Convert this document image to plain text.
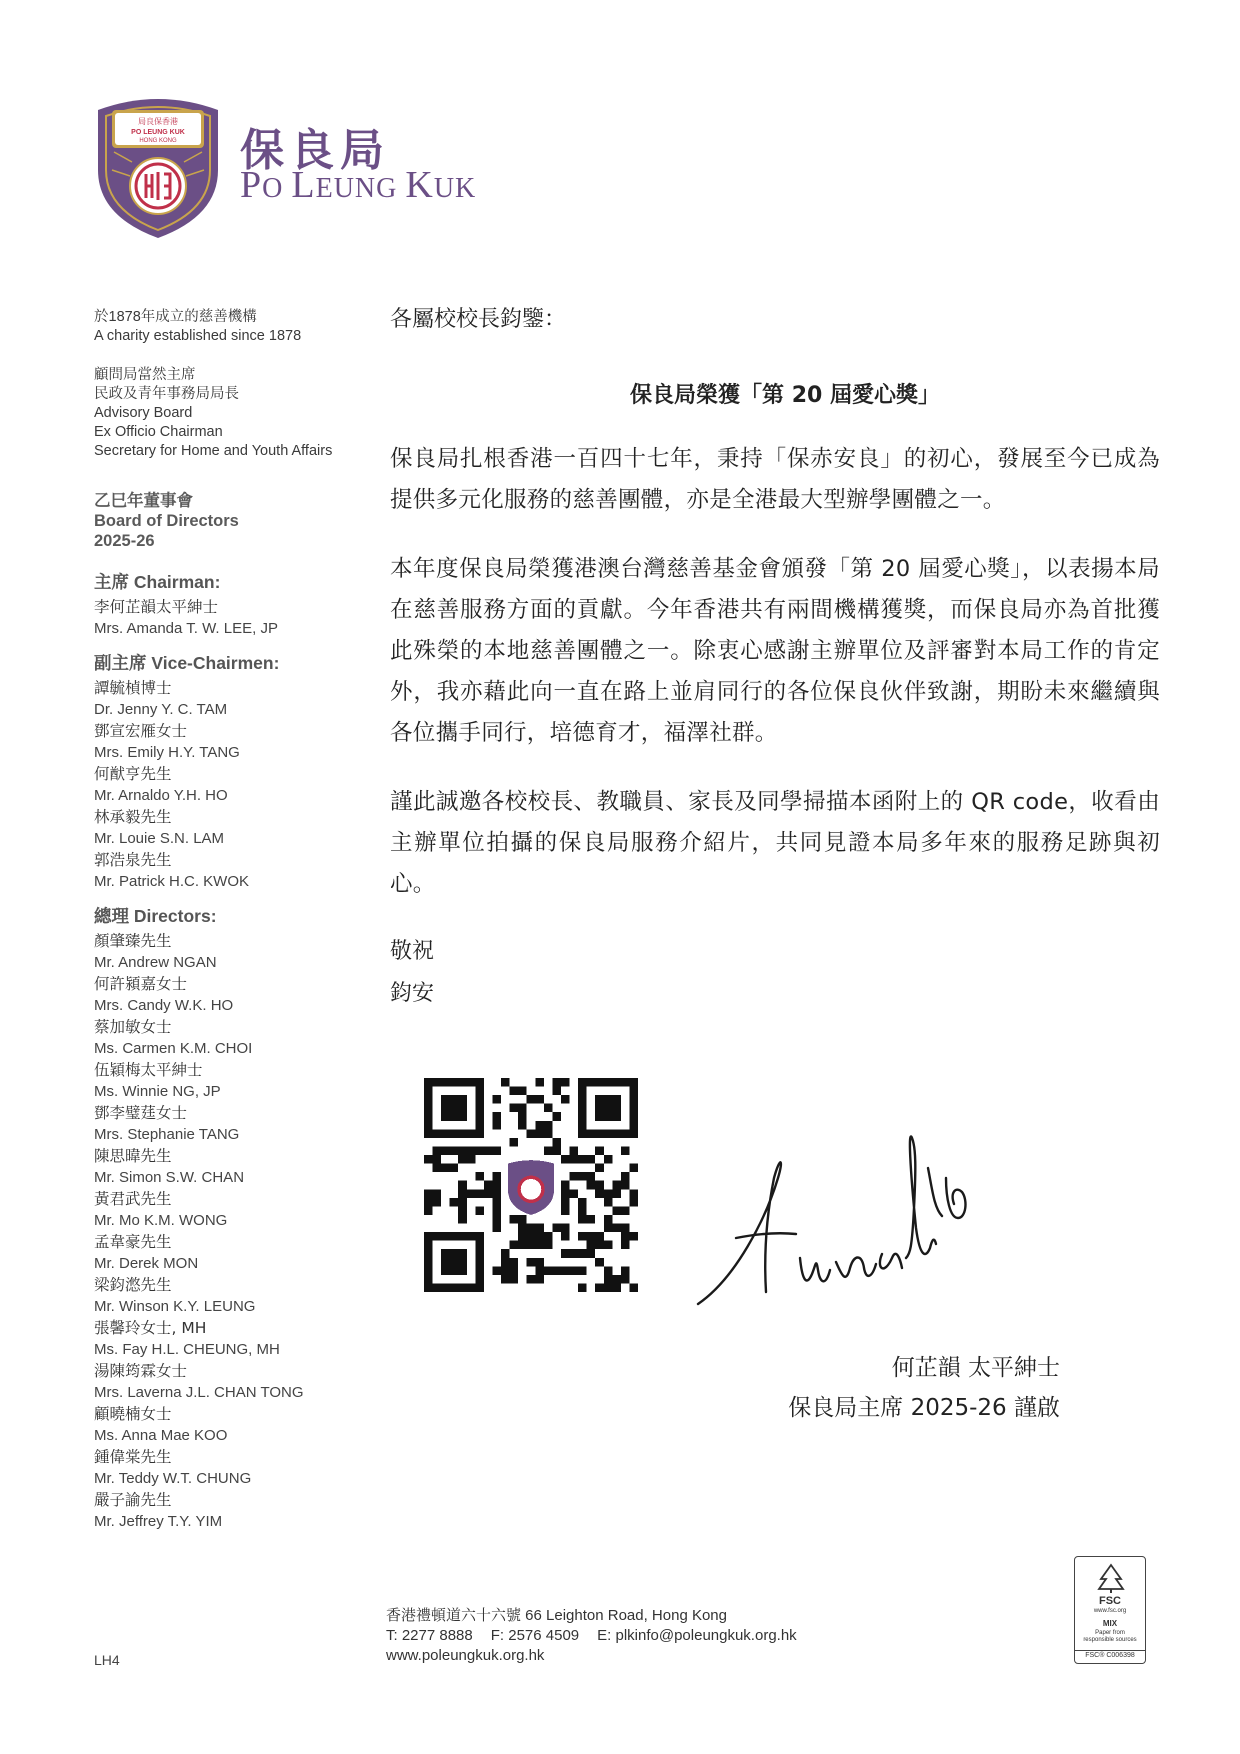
局良保香港
PO LEUNG KUK
HONG KONG 保良局
PO LEUNG KUK
於1878年成立的慈善機構
A charity established since 1878
顧問局當然主席
民政及青年事務局局長
Advisory Board
Ex Officio Chairman
Secretary for Home and Youth Affairs
乙巳年董事會
Board of Directors
2025-26
主席 Chairman:
李何芷韻太平紳士
Mrs. Amanda T. W. LEE, JP
副主席 Vice-Chairmen:
譚毓楨博士
Dr. Jenny Y. C. TAM
鄧宣宏雁女士
Mrs. Emily H.Y. TANG
何猷亨先生
Mr. Arnaldo Y.H. HO
林承毅先生
Mr. Louie S.N. LAM
郭浩泉先生
Mr. Patrick H.C. KWOK
總理 Directors:
顏肇臻先生
Mr. Andrew NGAN
何許潁嘉女士
Mrs. Candy W.K. HO
蔡加敏女士
Ms. Carmen K.M. CHOI
伍穎梅太平紳士
Ms. Winnie NG, JP
鄧李璧莛女士
Mrs. Stephanie TANG
陳思暐先生
Mr. Simon S.W. CHAN
黃君武先生
Mr. Mo K.M. WONG
孟韋豪先生
Mr. Derek MON
梁鈞滺先生
Mr. Winson K.Y. LEUNG
張馨玲女士, MH
Ms. Fay H.L. CHEUNG, MH
湯陳筠霖女士
Mrs. Laverna J.L. CHAN TONG
顧曉楠女士
Ms. Anna Mae KOO
鍾偉棠先生
Mr. Teddy W.T. CHUNG
嚴子諭先生
Mr. Jeffrey T.Y. YIM
各屬校校長鈞鑒：
保良局榮獲「第 20 屆愛心獎」

保良局扎根香港一百四十七年，秉持「保赤安良」的初心，發展至今已成為提供多元化服務的慈善團體，亦是全港最大型辦學團體之一。

本年度保良局榮獲港澳台灣慈善基金會頒發「第 20 屆愛心獎」，以表揚本局在慈善服務方面的貢獻。今年香港共有兩間機構獲獎，而保良局亦為首批獲此殊榮的本地慈善團體之一。除衷心感謝主辦單位及評審對本局工作的肯定外，我亦藉此向一直在路上並肩同行的各位保良伙伴致謝，期盼未來繼續與各位攜手同行，培德育才，福澤社群。

謹此誠邀各校校長、教職員、家長及同學掃描本函附上的 QR code，收看由主辦單位拍攝的保良局服務介紹片，共同見證本局多年來的服務足跡與初心。

敬祝
鈞安
Amanda Yo
何芷韻 太平紳士
保良局主席 2025-26 謹啟
香港禮頓道六十六號 66 Leighton Road, Hong Kong
T: 2277 8888 F: 2576 4509 E: plkinfo@poleungkuk.org.hk
www.poleungkuk.org.hk
LH4
FSC
www.fsc.org
MIX
Paper from
responsible sources
FSC® C006398
